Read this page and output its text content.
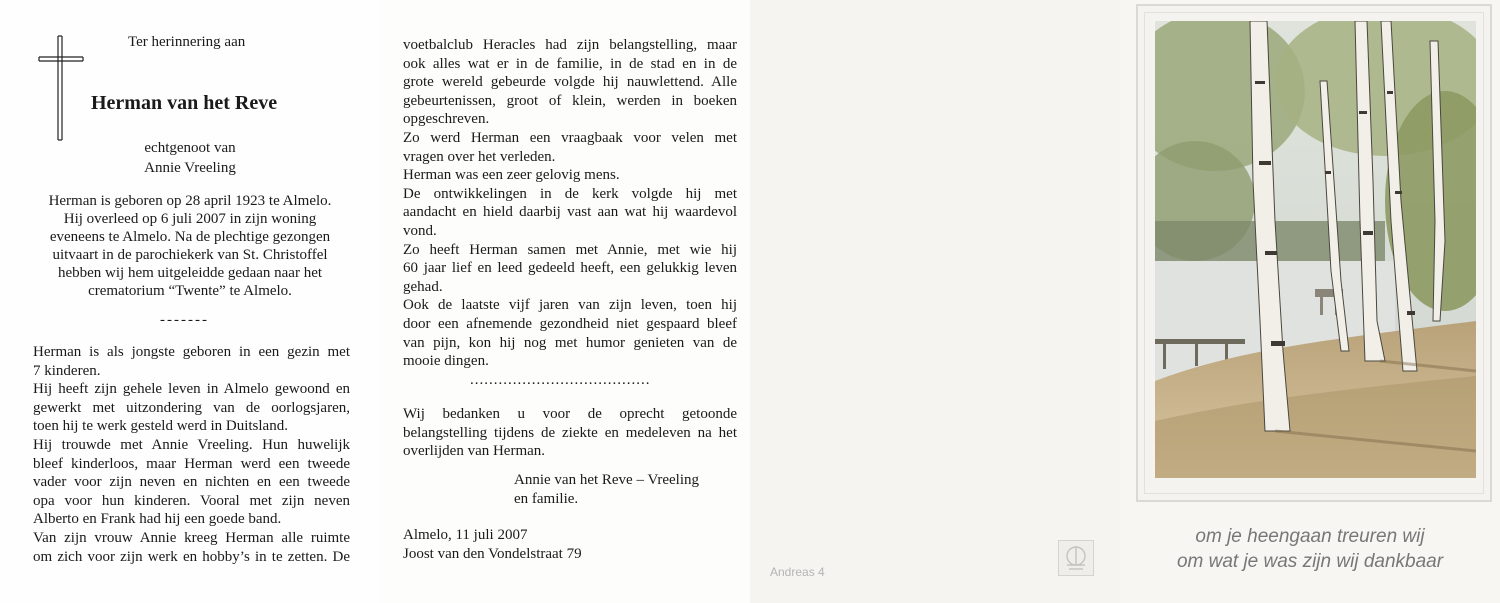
Ter herinnering aan
Herman van het Reve
echtgenoot van
Annie Vreeling
Herman is geboren op 28 april 1923 te Almelo.
Hij overleed op 6 juli 2007 in zijn woning
eveneens te Almelo. Na de plechtige gezongen
uitvaart in de parochiekerk van St. Christoffel
hebben wij hem uitgeleidde gedaan naar het
crematorium “Twente” te Almelo.
-------
Herman is als jongste geboren in een gezin met
7 kinderen.
Hij heeft zijn gehele leven in Almelo gewoond en
gewerkt met uitzondering van de oorlogsjaren,
toen hij te werk gesteld werd in Duitsland.
Hij trouwde met Annie Vreeling. Hun huwelijk
bleef kinderloos, maar Herman werd een tweede
vader voor zijn neven en nichten en een tweede
opa voor hun kinderen. Vooral met zijn neven
Alberto en Frank had hij een goede band.
Van zijn vrouw Annie kreeg Herman alle ruimte
om zich voor zijn werk en hobby’s in te zetten. De
voetbalclub Heracles had zijn belangstelling, maar
ook alles wat er in de familie, in de stad en in de
grote wereld gebeurde volgde hij nauwlettend. Alle
gebeurtenissen, groot of klein, werden in boeken
opgeschreven.
Zo werd Herman een vraagbaak voor velen met
vragen over het verleden.
Herman was een zeer gelovig mens.
De ontwikkelingen in de kerk volgde hij met
aandacht en hield daarbij vast aan wat hij waardevol
vond.
Zo heeft Herman samen met Annie, met wie hij
60 jaar lief en leed gedeeld heeft, een gelukkig leven
gehad.
Ook de laatste vijf jaren van zijn leven, toen hij
door een afnemende gezondheid niet gespaard bleef
van pijn, kon hij nog met humor genieten van de
mooie dingen.
......................................
Wij bedanken u voor de oprecht getoonde
belangstelling tijdens de ziekte en medeleven na het
overlijden van Herman.
Annie van het Reve – Vreeling
en familie.
Almelo, 11 juli 2007
Joost van den Vondelstraat 79
Andreas 4
om je heengaan treuren wij
om wat je was zijn wij dankbaar
